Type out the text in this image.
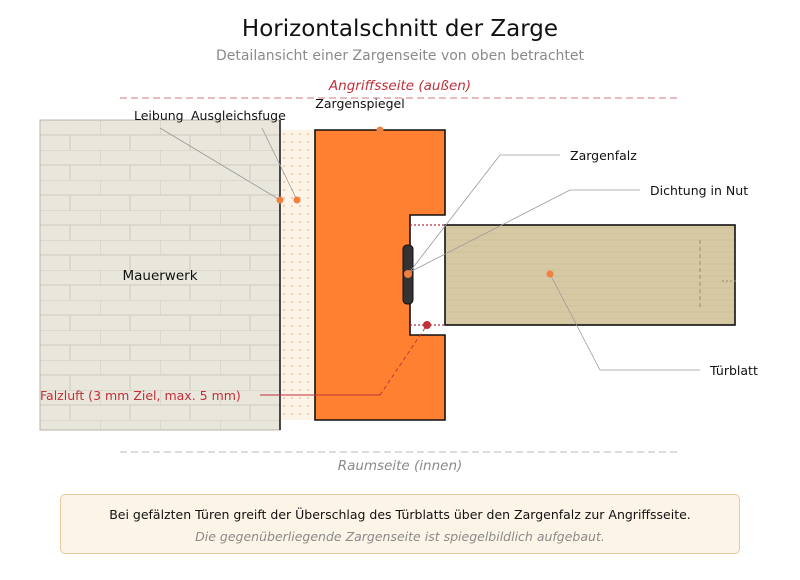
Horizontalschnitt der Zarge
Detailansicht einer Zargenseite von oben betrachtet
Angriffsseite (außen)
Raumseite (innen)
Mauerwerk
Leibung Ausgleichsfuge
Zargenspiegel
Zargenfalz
Dichtung in Nut
Türblatt
Falzluft (3 mm Ziel, max. 5 mm)
Bei gefälzten Türen greift der Überschlag des Türblatts über den Zargenfalz zur Angriffsseite.
Die gegenüberliegende Zargenseite ist spiegelbildlich aufgebaut.
